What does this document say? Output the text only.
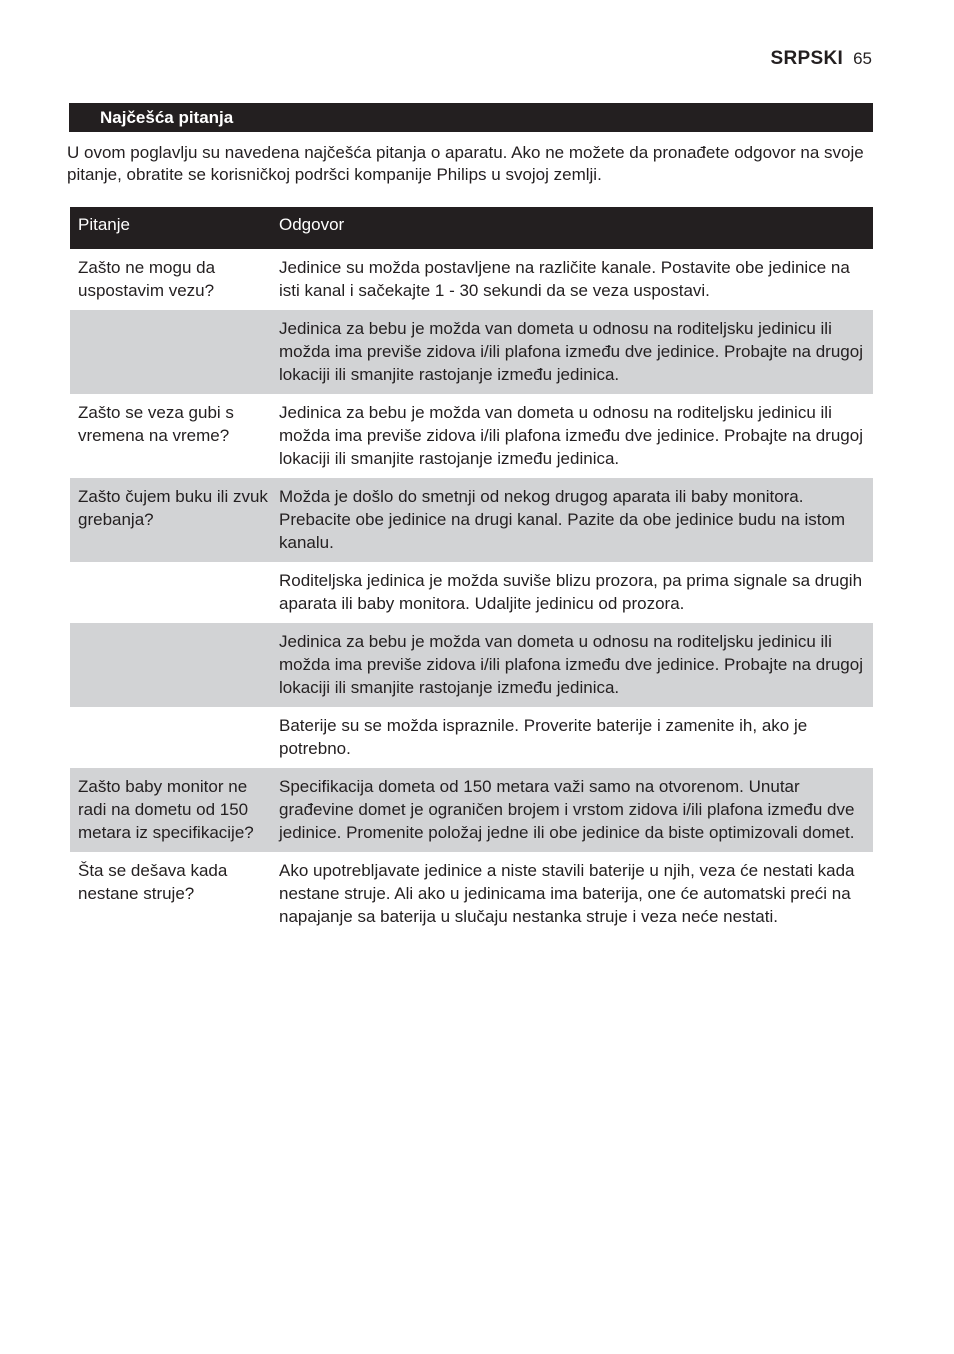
SRPSKI 65
Najčešća pitanja

U ovom poglavlju su navedena najčešća pitanja o aparatu. Ako ne možete da pronađete odgovor na svoje pitanje, obratite se korisničkoj podršci kompanije Philips u svojoj zemlji.

Pitanje	Odgovor
Zašto ne mogu da uspostavim vezu?
Jedinice su možda postavljene na različite kanale. Postavite obe jedinice na isti kanal i sačekajte 1 - 30 sekundi da se veza uspostavi.
Jedinica za bebu je možda van dometa u odnosu na roditeljsku jedinicu ili možda ima previše zidova i/ili plafona između dve jedinice. Probajte na drugoj lokaciji ili smanjite rastojanje između jedinica.
Zašto se veza gubi s vremena na vreme?
Jedinica za bebu je možda van dometa u odnosu na roditeljsku jedinicu ili možda ima previše zidova i/ili plafona između dve jedinice. Probajte na drugoj lokaciji ili smanjite rastojanje između jedinica.
Zašto čujem buku ili zvuk grebanja?
Možda je došlo do smetnji od nekog drugog aparata ili baby monitora. Prebacite obe jedinice na drugi kanal. Pazite da obe jedinice budu na istom kanalu.
Roditeljska jedinica je možda suviše blizu prozora, pa prima signale sa drugih aparata ili baby monitora. Udaljite jedinicu od prozora.
Jedinica za bebu je možda van dometa u odnosu na roditeljsku jedinicu ili možda ima previše zidova i/ili plafona između dve jedinice. Probajte na drugoj lokaciji ili smanjite rastojanje između jedinica.
Baterije su se možda ispraznile. Proverite baterije i zamenite ih, ako je potrebno.
Zašto baby monitor ne radi na dometu od 150 metara iz specifikacije?
Specifikacija dometa od 150 metara važi samo na otvorenom. Unutar građevine domet je ograničen brojem i vrstom zidova i/ili plafona između dve jedinice. Promenite položaj jedne ili obe jedinice da biste optimizovali domet.
Šta se dešava kada nestane struje?
Ako upotrebljavate jedinice a niste stavili baterije u njih, veza će nestati kada nestane struje. Ali ako u jedinicama ima baterija, one će automatski preći na napajanje sa baterija u slučaju nestanka struje i veza neće nestati.
